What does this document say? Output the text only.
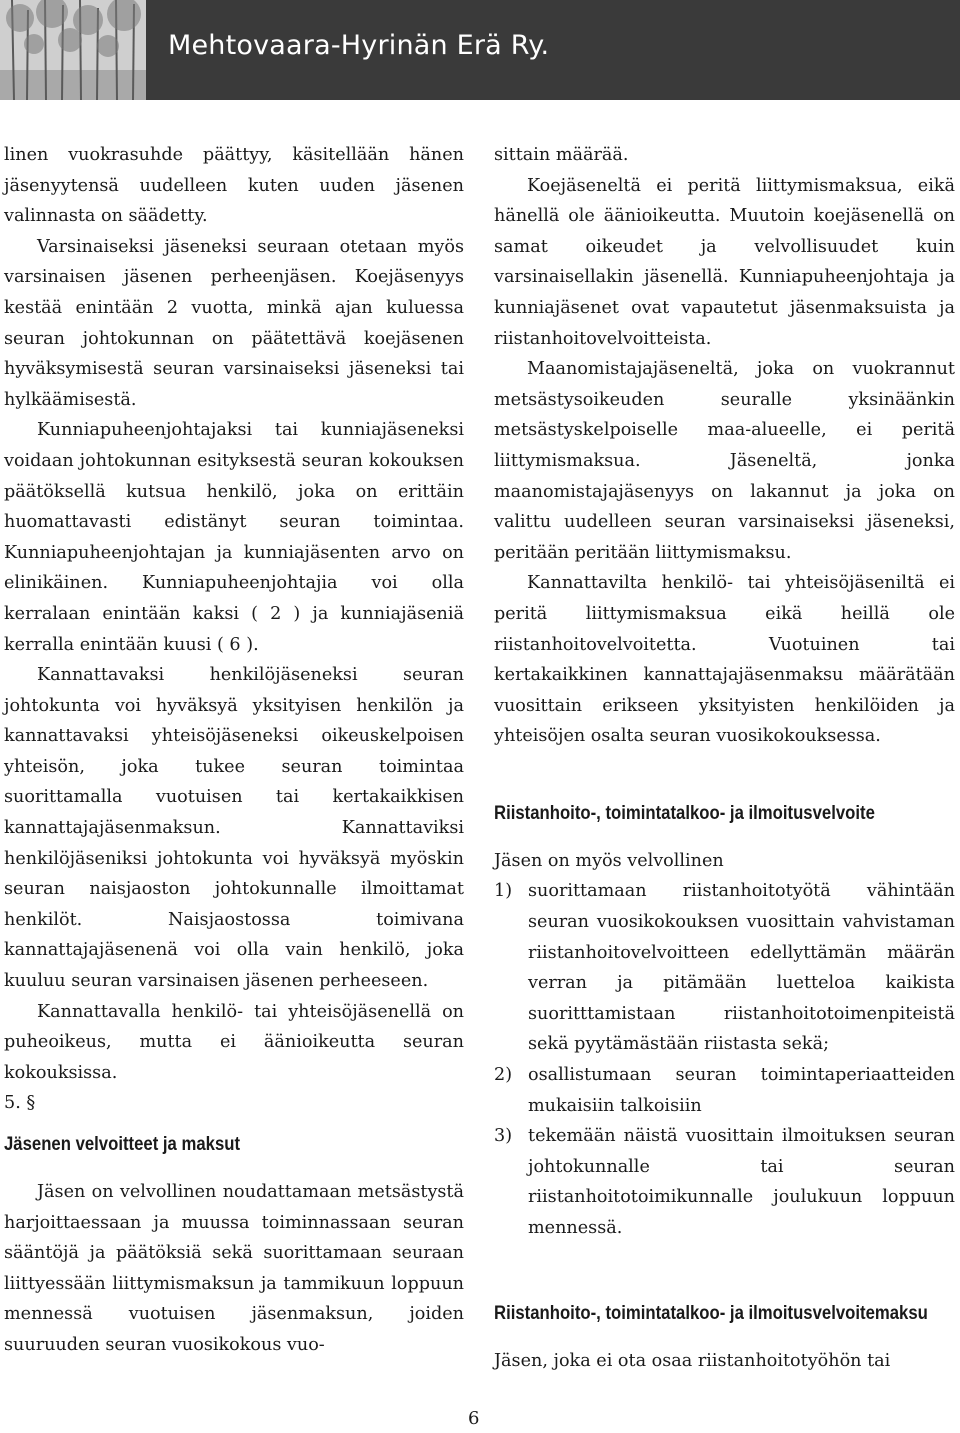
Mehtovaara-Hyrinän Erä Ry.

linen vuokrasuhde päättyy, käsitellään hänen jäsenyytensä uudelleen kuten uuden jäsenen valinnasta on säädetty.

Varsinaiseksi jäseneksi seuraan otetaan myös varsinaisen jäsenen perheenjäsen. Koejäsenyys kestää enintään 2 vuotta, minkä ajan kuluessa seuran johtokunnan on päätettävä koejäsenen hyväksymisestä seuran varsinaiseksi jäseneksi tai hylkäämisestä.

Kunniapuheenjohtajaksi tai kunniajäseneksi voidaan johtokunnan esityksestä seuran kokouksen päätöksellä kutsua henkilö, joka on erittäin huomattavasti edistänyt seuran toimintaa. Kunniapuheenjohtajan ja kunniajäsenten arvo on elinikäinen. Kunniapuheenjohtajia voi olla kerralaan enintään kaksi ( 2 ) ja kunniajäseniä kerralla enintään kuusi ( 6 ).

Kannattavaksi henkilöjäseneksi seuran johtokunta voi hyväksyä yksityisen henkilön ja kannattavaksi yhteisöjäseneksi oikeuskelpoisen yhteisön, joka tukee seuran toimintaa suorittamalla vuotuisen tai kertakaikkisen kannattajajäsenmaksun. Kannattaviksi henkilöjäseniksi johtokunta voi hyväksyä myöskin seuran naisjaoston johtokunnalle ilmoittamat henkilöt. Naisjaostossa toimivana kannattajajäsenenä voi olla vain henkilö, joka kuuluu seuran varsinaisen jäsenen perheeseen.

Kannattavalla henkilö- tai yhteisöjäsenellä on puheoikeus, mutta ei äänioikeutta seuran kokouksissa.

5. §

Jäsenen velvoitteet ja maksut

Jäsen on velvollinen noudattamaan metsästystä harjoittaessaan ja muussa toiminnassaan seuran sääntöjä ja päätöksiä sekä suorittamaan seuraan liittyessään liittymismaksun ja tammikuun loppuun mennessä vuotuisen jäsenmaksun, joiden suuruuden seuran vuosikokous vuo-

sittain määrää.

Koejäseneltä ei peritä liittymismaksua, eikä hänellä ole äänioikeutta. Muutoin koejäsenellä on samat oikeudet ja velvollisuudet kuin varsinaisellakin jäsenellä. Kunniapuheenjohtaja ja kunniajäsenet ovat vapautetut jäsenmaksuista ja riistanhoitovelvoitteista.

Maanomistajajäseneltä, joka on vuokrannut metsästysoikeuden seuralle yksinäänkin metsästyskelpoiselle maa-alueelle, ei peritä liittymismaksua. Jäseneltä, jonka maanomistajajäsenyys on lakannut ja joka on valittu uudelleen seuran varsinaiseksi jäseneksi, peritään peritään liittymismaksu.

Kannattavilta henkilö- tai yhteisöjäseniltä ei peritä liittymismaksua eikä heillä ole riistanhoitovelvoitetta. Vuotuinen tai kertakaikkinen kannattajajäsenmaksu määrätään vuosittain erikseen yksityisten henkilöiden ja yhteisöjen osalta seuran vuosikokouksessa.

Riistanhoito-, toimintatalkoo- ja ilmoitusvelvoite

Jäsen on myös velvollinen

1) suorittamaan riistanhoitotyötä vähintään seuran vuosikokouksen vuosittain vahvistaman riistanhoitovelvoitteen edellyttämän määrän verran ja pitämään luetteloa kaikista suoritttamistaan riistanhoitotoimenpiteistä sekä pyytämästään riistasta sekä;
2) osallistumaan seuran toimintaperiaatteiden mukaisiin talkoisiin
3) tekemään näistä vuosittain ilmoituksen seuran johtokunnalle tai seuran riistanhoitotoimikunnalle joulukuun loppuun mennessä.
Riistanhoito-, toimintatalkoo- ja ilmoitusvelvoitemaksu

Jäsen, joka ei ota osaa riistanhoitotyöhön tai

6
